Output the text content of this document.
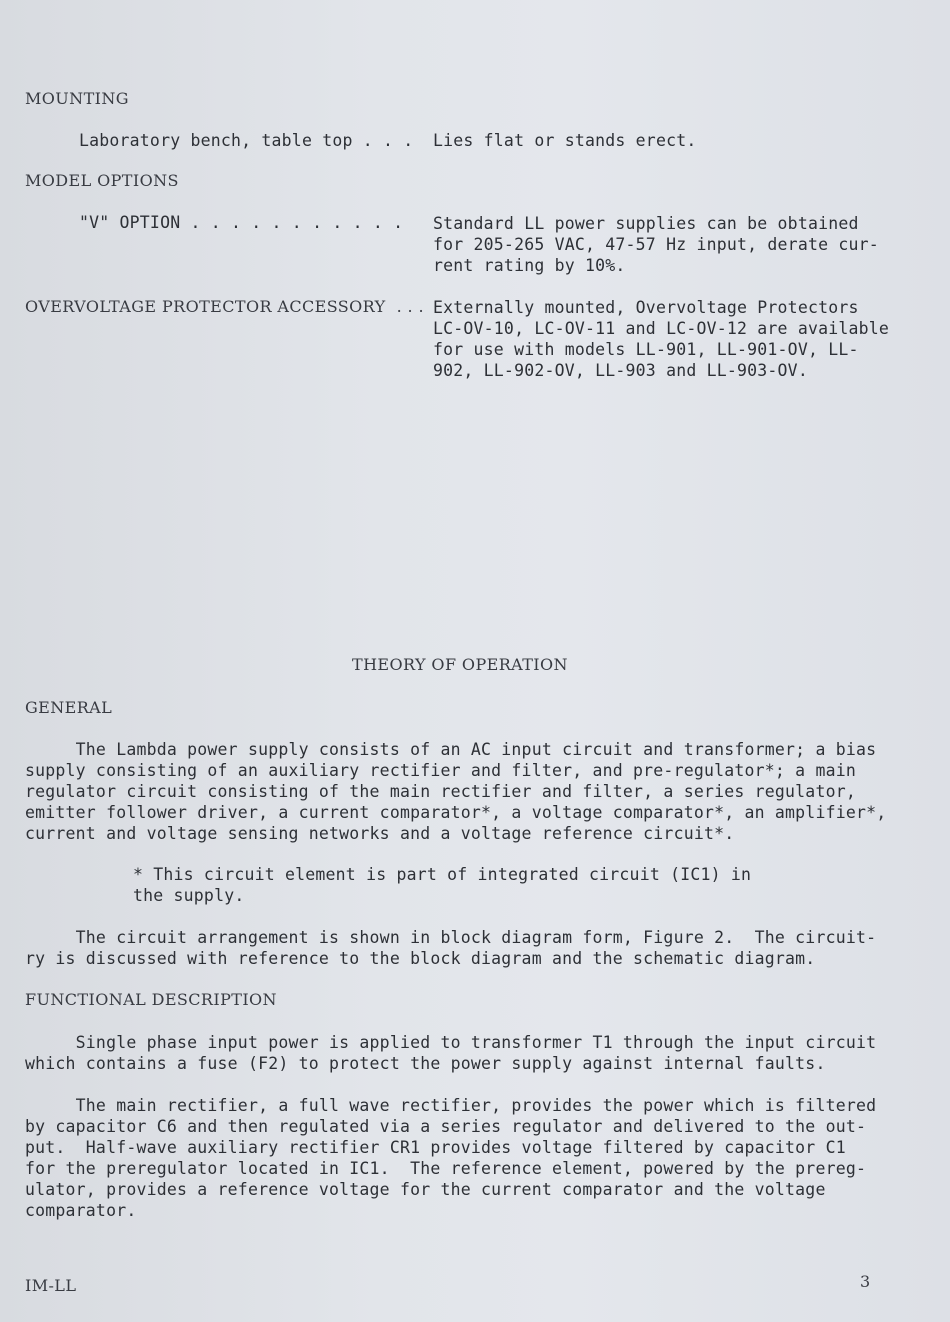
MOUNTING
Laboratory bench, table top . . . Lies flat or stands erect.
MODEL OPTIONS
"V" OPTION . . . . . . . . . . . Standard LL power supplies can be obtained
for 205-265 VAC, 47-57 Hz input, derate cur-
rent rating by 10%.
OVERVOLTAGE PROTECTOR ACCESSORY  . . . Externally mounted, Overvoltage Protectors
LC-OV-10, LC-OV-11 and LC-OV-12 are available
for use with models LL-901, LL-901-OV, LL-
902, LL-902-OV, LL-903 and LL-903-OV.
THEORY OF OPERATION
GENERAL
The Lambda power supply consists of an AC input circuit and transformer; a bias
supply consisting of an auxiliary rectifier and filter, and pre-regulator*; a main
regulator circuit consisting of the main rectifier and filter, a series regulator,
emitter follower driver, a current comparator*, a voltage comparator*, an amplifier*,
current and voltage sensing networks and a voltage reference circuit*.
* This circuit element is part of integrated circuit (IC1) in
the supply.
The circuit arrangement is shown in block diagram form, Figure 2.  The circuit-
ry is discussed with reference to the block diagram and the schematic diagram.
FUNCTIONAL DESCRIPTION
Single phase input power is applied to transformer T1 through the input circuit
which contains a fuse (F2) to protect the power supply against internal faults.
The main rectifier, a full wave rectifier, provides the power which is filtered
by capacitor C6 and then regulated via a series regulator and delivered to the out-
put.  Half-wave auxiliary rectifier CR1 provides voltage filtered by capacitor C1
for the preregulator located in IC1.  The reference element, powered by the prereg-
ulator, provides a reference voltage for the current comparator and the voltage
comparator.
IM-LL	3
